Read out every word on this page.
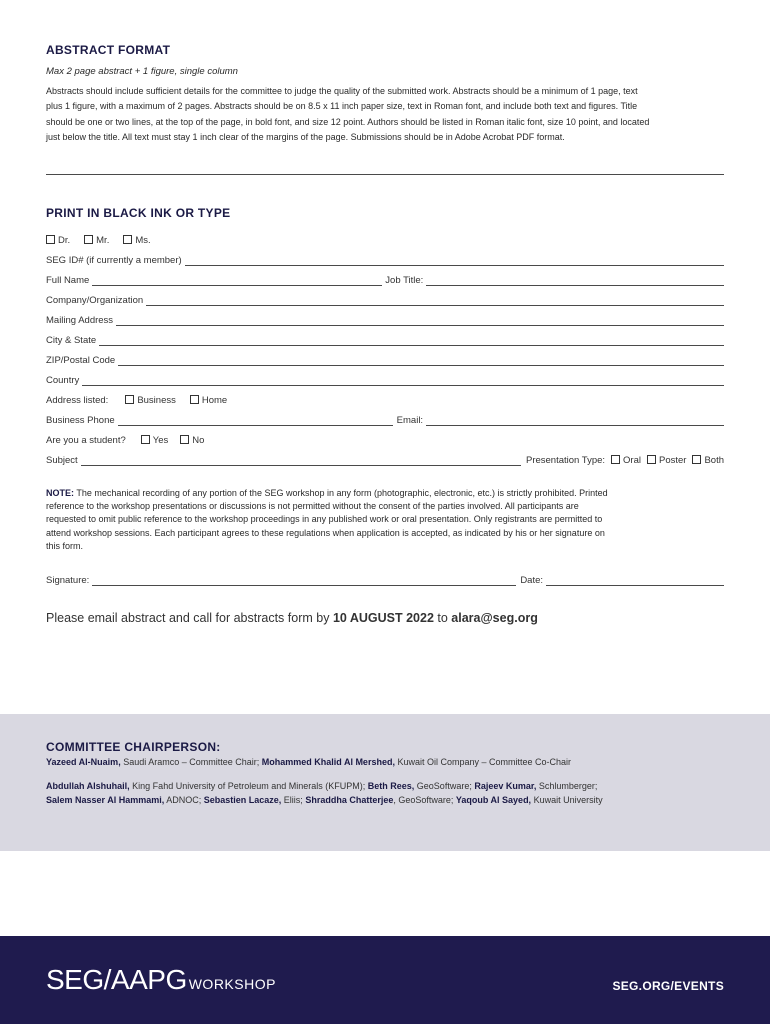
ABSTRACT FORMAT
Max 2 page abstract + 1 figure, single column
Abstracts should include sufficient details for the committee to judge the quality of the submitted work. Abstracts should be a minimum of 1 page, text
plus 1 figure, with a maximum of 2 pages. Abstracts should be on 8.5 x 11 inch paper size, text in Roman font, and include both text and figures. Title
should be one or two lines, at the top of the page, in bold font, and size 12 point. Authors should be listed in Roman italic font, size 10 point, and located
just below the title. All text must stay 1 inch clear of the margins of the page. Submissions should be in Adobe Acrobat PDF format.
PRINT IN BLACK INK OR TYPE
Dr.	Mr.	Ms.
SEG ID# (if currently a member)
Full Name	Job Title:
Company/Organization
Mailing Address
City & State
ZIP/Postal Code
Country
Address listed:	Business	Home
Business Phone	Email:
Are you a student?	Yes	No
Subject	Presentation Type: Oral Poster Both
NOTE: The mechanical recording of any portion of the SEG workshop in any form (photographic, electronic, etc.) is strictly prohibited. Printed
reference to the workshop presentations or discussions is not permitted without the consent of the parties involved. All participants are
requested to omit public reference to the workshop proceedings in any published work or oral presentation. Only registrants are permitted to
attend workshop sessions. Each participant agrees to these regulations when application is accepted, as indicated by his or her signature on
this form.
Signature:	Date:
Please email abstract and call for abstracts form by 10 AUGUST 2022 to alara@seg.org
COMMITTEE CHAIRPERSON:
Yazeed Al-Nuaim, Saudi Aramco – Committee Chair; Mohammed Khalid Al Mershed, Kuwait Oil Company – Committee Co-Chair
Abdullah Alshuhail, King Fahd University of Petroleum and Minerals (KFUPM); Beth Rees, GeoSoftware; Rajeev Kumar, Schlumberger;
Salem Nasser Al Hammami, ADNOC; Sebastien Lacaze, Eliis; Shraddha Chatterjee, GeoSoftware; Yaqoub Al Sayed, Kuwait University
SEG/AAPG WORKSHOP	SEG.ORG/EVENTS
